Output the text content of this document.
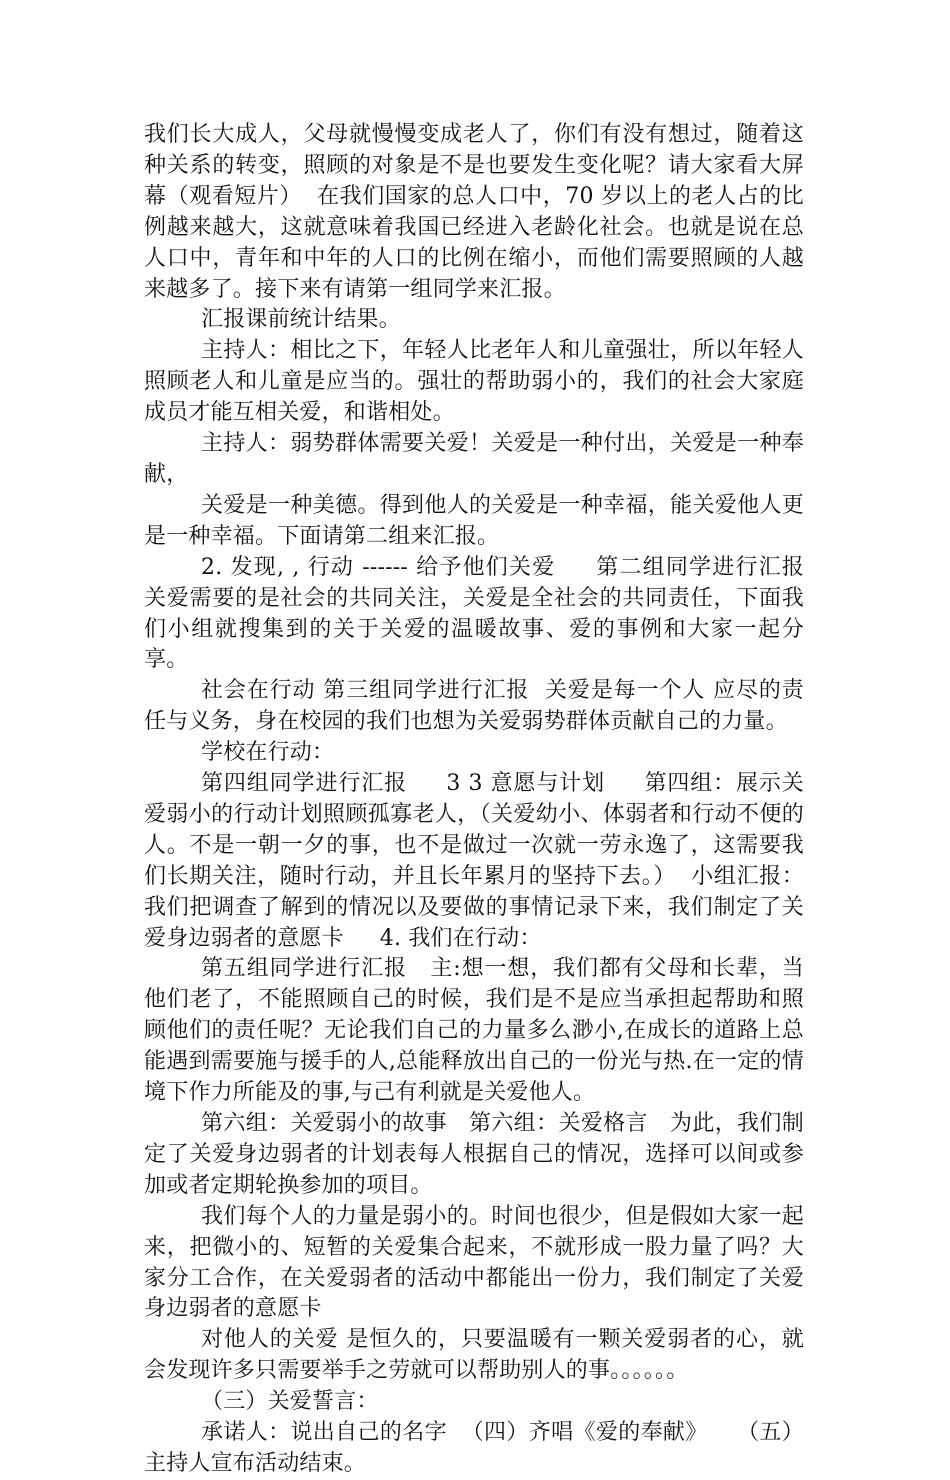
我们长大成人，父母就慢慢变成老人了，你们有没有想过，随着这种关系的转变，照顾的对象是不是也要发生变化呢？请大家看大屏幕（观看短片）  在我们国家的总人口中，70 岁以上的老人占的比例越来越大，这就意味着我国已经进入老龄化社会。也就是说在总人口中，青年和中年的人口的比例在缩小，而他们需要照顾的人越来越多了。接下来有请第一组同学来汇报。

汇报课前统计结果。

主持人：相比之下，年轻人比老年人和儿童强壮，所以年轻人照顾老人和儿童是应当的。强壮的帮助弱小的，我们的社会大家庭成员才能互相关爱，和谐相处。

主持人：弱势群体需要关爱！关爱是一种付出，关爱是一种奉献，

关爱是一种美德。得到他人的关爱是一种幸福，能关爱他人更是一种幸福。下面请第二组来汇报。

2. 发现, , 行动 ------ 给予他们关爱     第二组同学进行汇报   关爱需要的是社会的共同关注，关爱是全社会的共同责任，下面我们小组就搜集到的关于关爱的温暖故事、爱的事例和大家一起分享。

社会在行动 第三组同学进行汇报  关爱是每一个人 应尽的责任与义务，身在校园的我们也想为关爱弱势群体贡献自己的力量。

学校在行动：

第四组同学进行汇报     3 3 意愿与计划     第四组：展示关爱弱小的行动计划照顾孤寡老人，（关爱幼小、体弱者和行动不便的人。不是一朝一夕的事，也不是做过一次就一劳永逸了，这需要我们长期关注，随时行动，并且长年累月的坚持下去。）  小组汇报：我们把调查了解到的情况以及要做的事情记录下来，我们制定了关爱身边弱者的意愿卡     4. 我们在行动：

第五组同学进行汇报   主:想一想，我们都有父母和长辈，当他们老了，不能照顾自己的时候，我们是不是应当承担起帮助和照顾他们的责任呢？无论我们自己的力量多么渺小,在成长的道路上总能遇到需要施与援手的人,总能释放出自己的一份光与热.在一定的情境下作力所能及的事,与己有利就是关爱他人。

第六组：关爱弱小的故事   第六组：关爱格言   为此，我们制定了关爱身边弱者的计划表每人根据自己的情况，选择可以间或参加或者定期轮换参加的项目。

我们每个人的力量是弱小的。时间也很少，但是假如大家一起来，把微小的、短暂的关爱集合起来，不就形成一股力量了吗？大家分工合作，在关爱弱者的活动中都能出一份力，我们制定了关爱身边弱者的意愿卡

对他人的关爱 是恒久的，只要温暖有一颗关爱弱者的心，就会发现许多只需要举手之劳就可以帮助别人的事。。。。。。

（三）关爱誓言：

承诺人：说出自己的名字  （四）齐唱《爱的奉献》    （五）主持人宣布活动结束。
